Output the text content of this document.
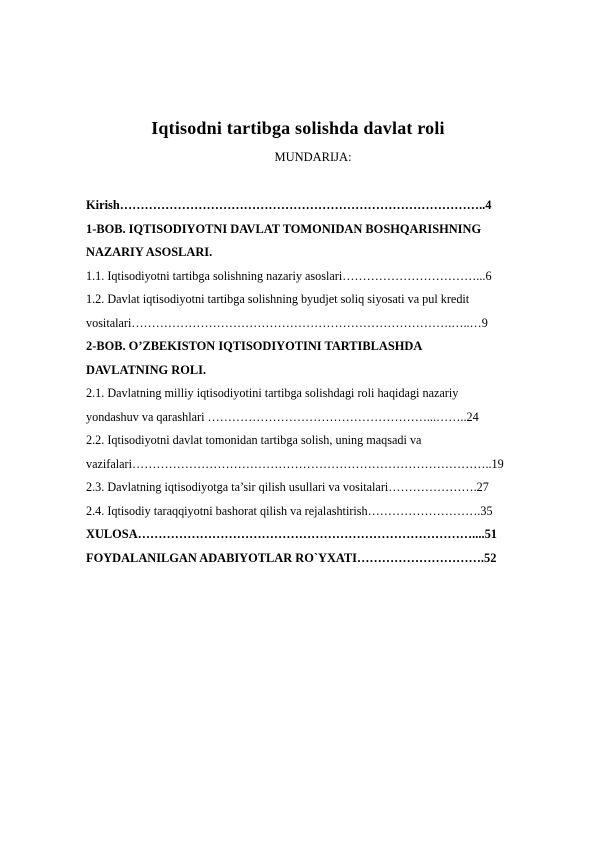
Iqtisodni tartibga solishda davlat roli
MUNDARIJA:
Kirish……………………………………………………………………………..4
1-BOB. IQTISODIYOTNI DAVLAT TOMONIDAN BOSHQARISHNING
NAZARIY ASOSLARI.
1.1. Iqtisodiyotni tartibga solishning nazariy asoslari……………………………...6
1.2. Davlat iqtisodiyotni tartibga solishning byudjet soliq siyosati va pul kredit
vositalari…………………………………………………………………….…..…9
2-BOB. O’ZBEKISTON IQTISODIYOTINI TARTIBLASHDA
DAVLATNING ROLI.
2.1. Davlatning milliy iqtisodiyotini tartibga solishdagi roli haqidagi nazariy
yondashuv va qarashlari ………………………………………………...……..24
2.2. Iqtisodiyotni davlat tomonidan tartibga solish, uning maqsadi va
vazifalari……………………………………………………………………………..19
2.3. Davlatning iqtisodiyotga ta’sir qilish usullari va vositalari………………….27
2.4. Iqtisodiy taraqqiyotni bashorat qilish va rejalashtirish……………………….35
XULOSA………………………………………………………………………....51
FOYDALANILGAN ADABIYOTLAR RO`YXATI………………………….52
